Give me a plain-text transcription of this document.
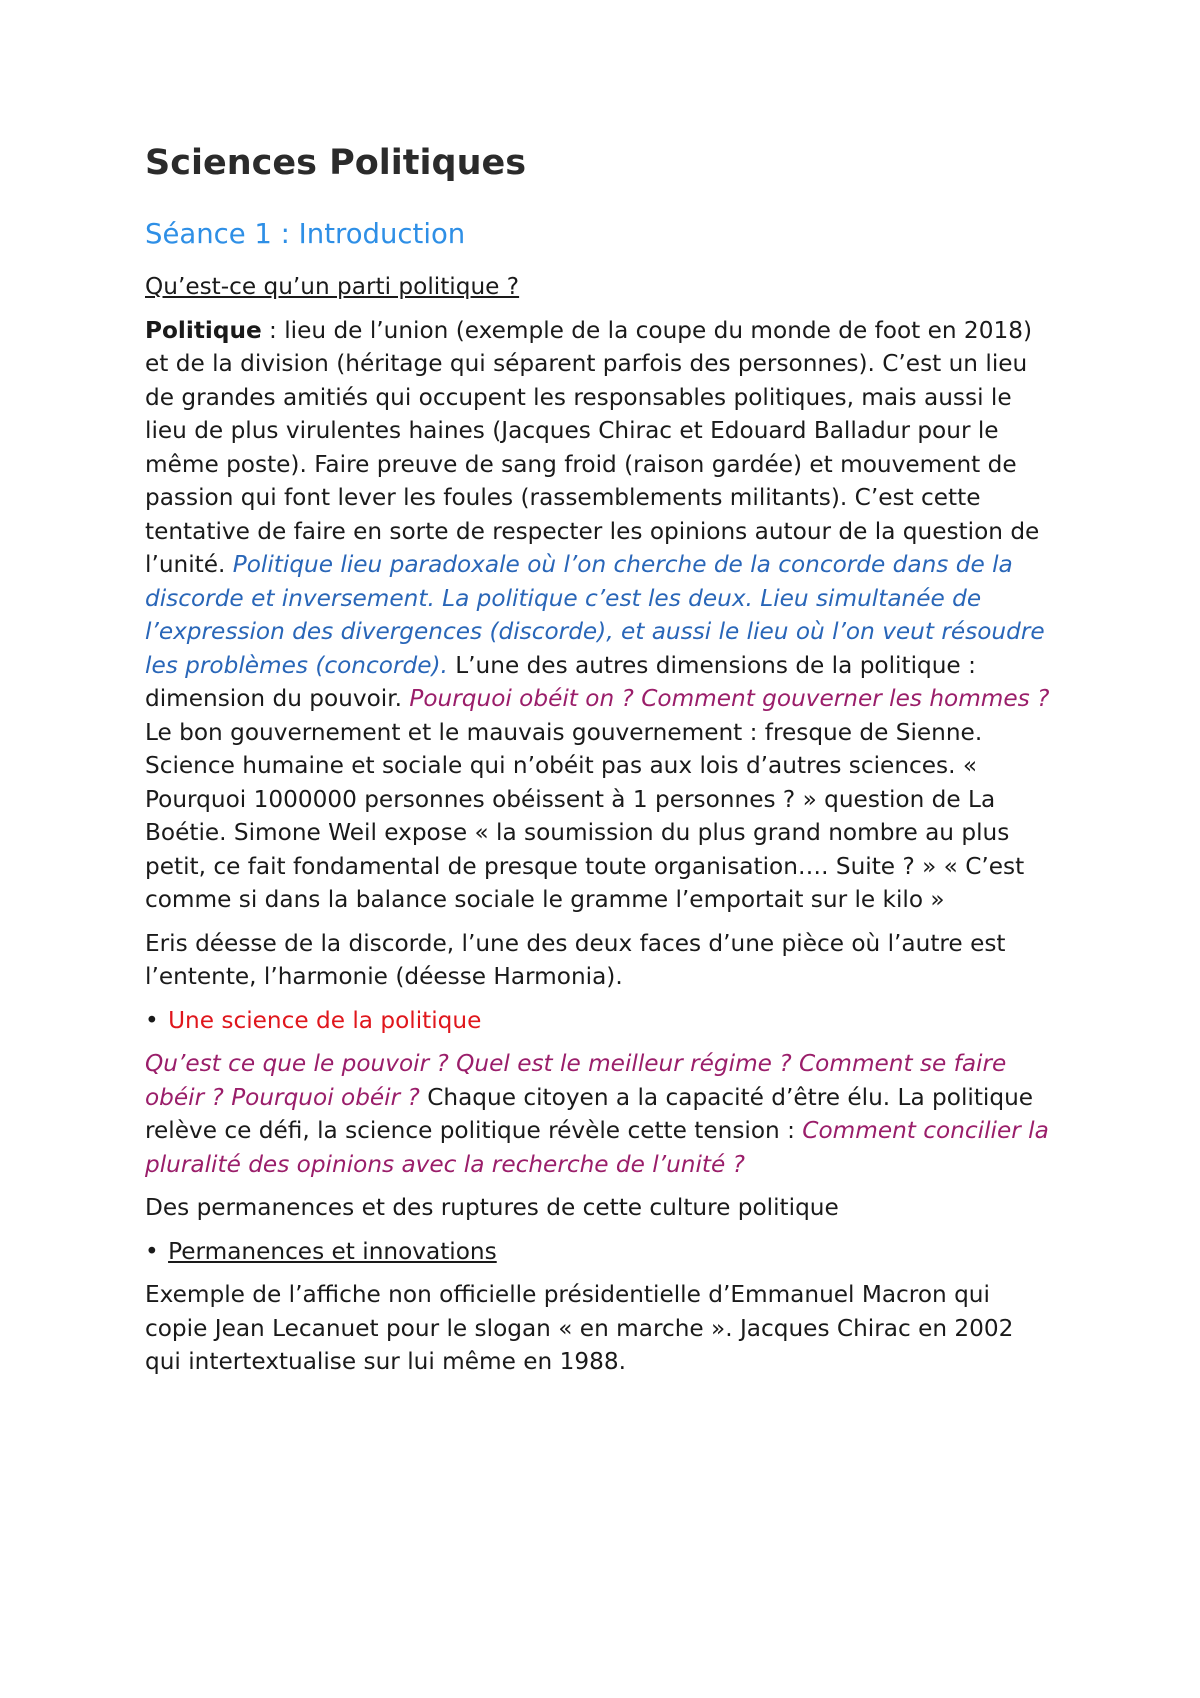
Sciences Politiques
Séance 1 : Introduction

Qu’est-ce qu’un parti politique ?

Politique : lieu de l’union (exemple de la coupe du monde de foot en 2018) et de la division (héritage qui séparent parfois des personnes). C’est un lieu de grandes amitiés qui occupent les responsables politiques, mais aussi le lieu de plus virulentes haines (Jacques Chirac et Edouard Balladur pour le même poste). Faire preuve de sang froid (raison gardée) et mouvement de passion qui font lever les foules (rassemblements militants). C’est cette tentative de faire en sorte de respecter les opinions autour de la question de l’unité. Politique lieu paradoxale où l’on cherche de la concorde dans de la discorde et inversement. La politique c’est les deux. Lieu simultanée de l’expression des divergences (discorde), et aussi le lieu où l’on veut résoudre les problèmes (concorde). L’une des autres dimensions de la politique : dimension du pouvoir. Pourquoi obéit on ? Comment gouverner les hommes ? Le bon gouvernement et le mauvais gouvernement : fresque de Sienne. Science humaine et sociale qui n’obéit pas aux lois d’autres sciences. « Pourquoi 1000000 personnes obéissent à 1 personnes ? » question de La Boétie. Simone Weil expose « la soumission du plus grand nombre au plus petit, ce fait fondamental de presque toute organisation…. Suite ? » « C’est comme si dans la balance sociale le gramme l’emportait sur le kilo »

Eris déesse de la discorde, l’une des deux faces d’une pièce où l’autre est l’entente, l’harmonie (déesse Harmonia).

• Une science de la politique

Qu’est ce que le pouvoir ? Quel est le meilleur régime ? Comment se faire obéir ? Pourquoi obéir ? Chaque citoyen a la capacité d’être élu. La politique relève ce défi, la science politique révèle cette tension : Comment concilier la pluralité des opinions avec la recherche de l’unité ?

Des permanences et des ruptures de cette culture politique

• Permanences et innovations

Exemple de l’affiche non officielle présidentielle d’Emmanuel Macron qui copie Jean Lecanuet pour le slogan « en marche ». Jacques Chirac en 2002 qui intertextualise sur lui même en 1988.
